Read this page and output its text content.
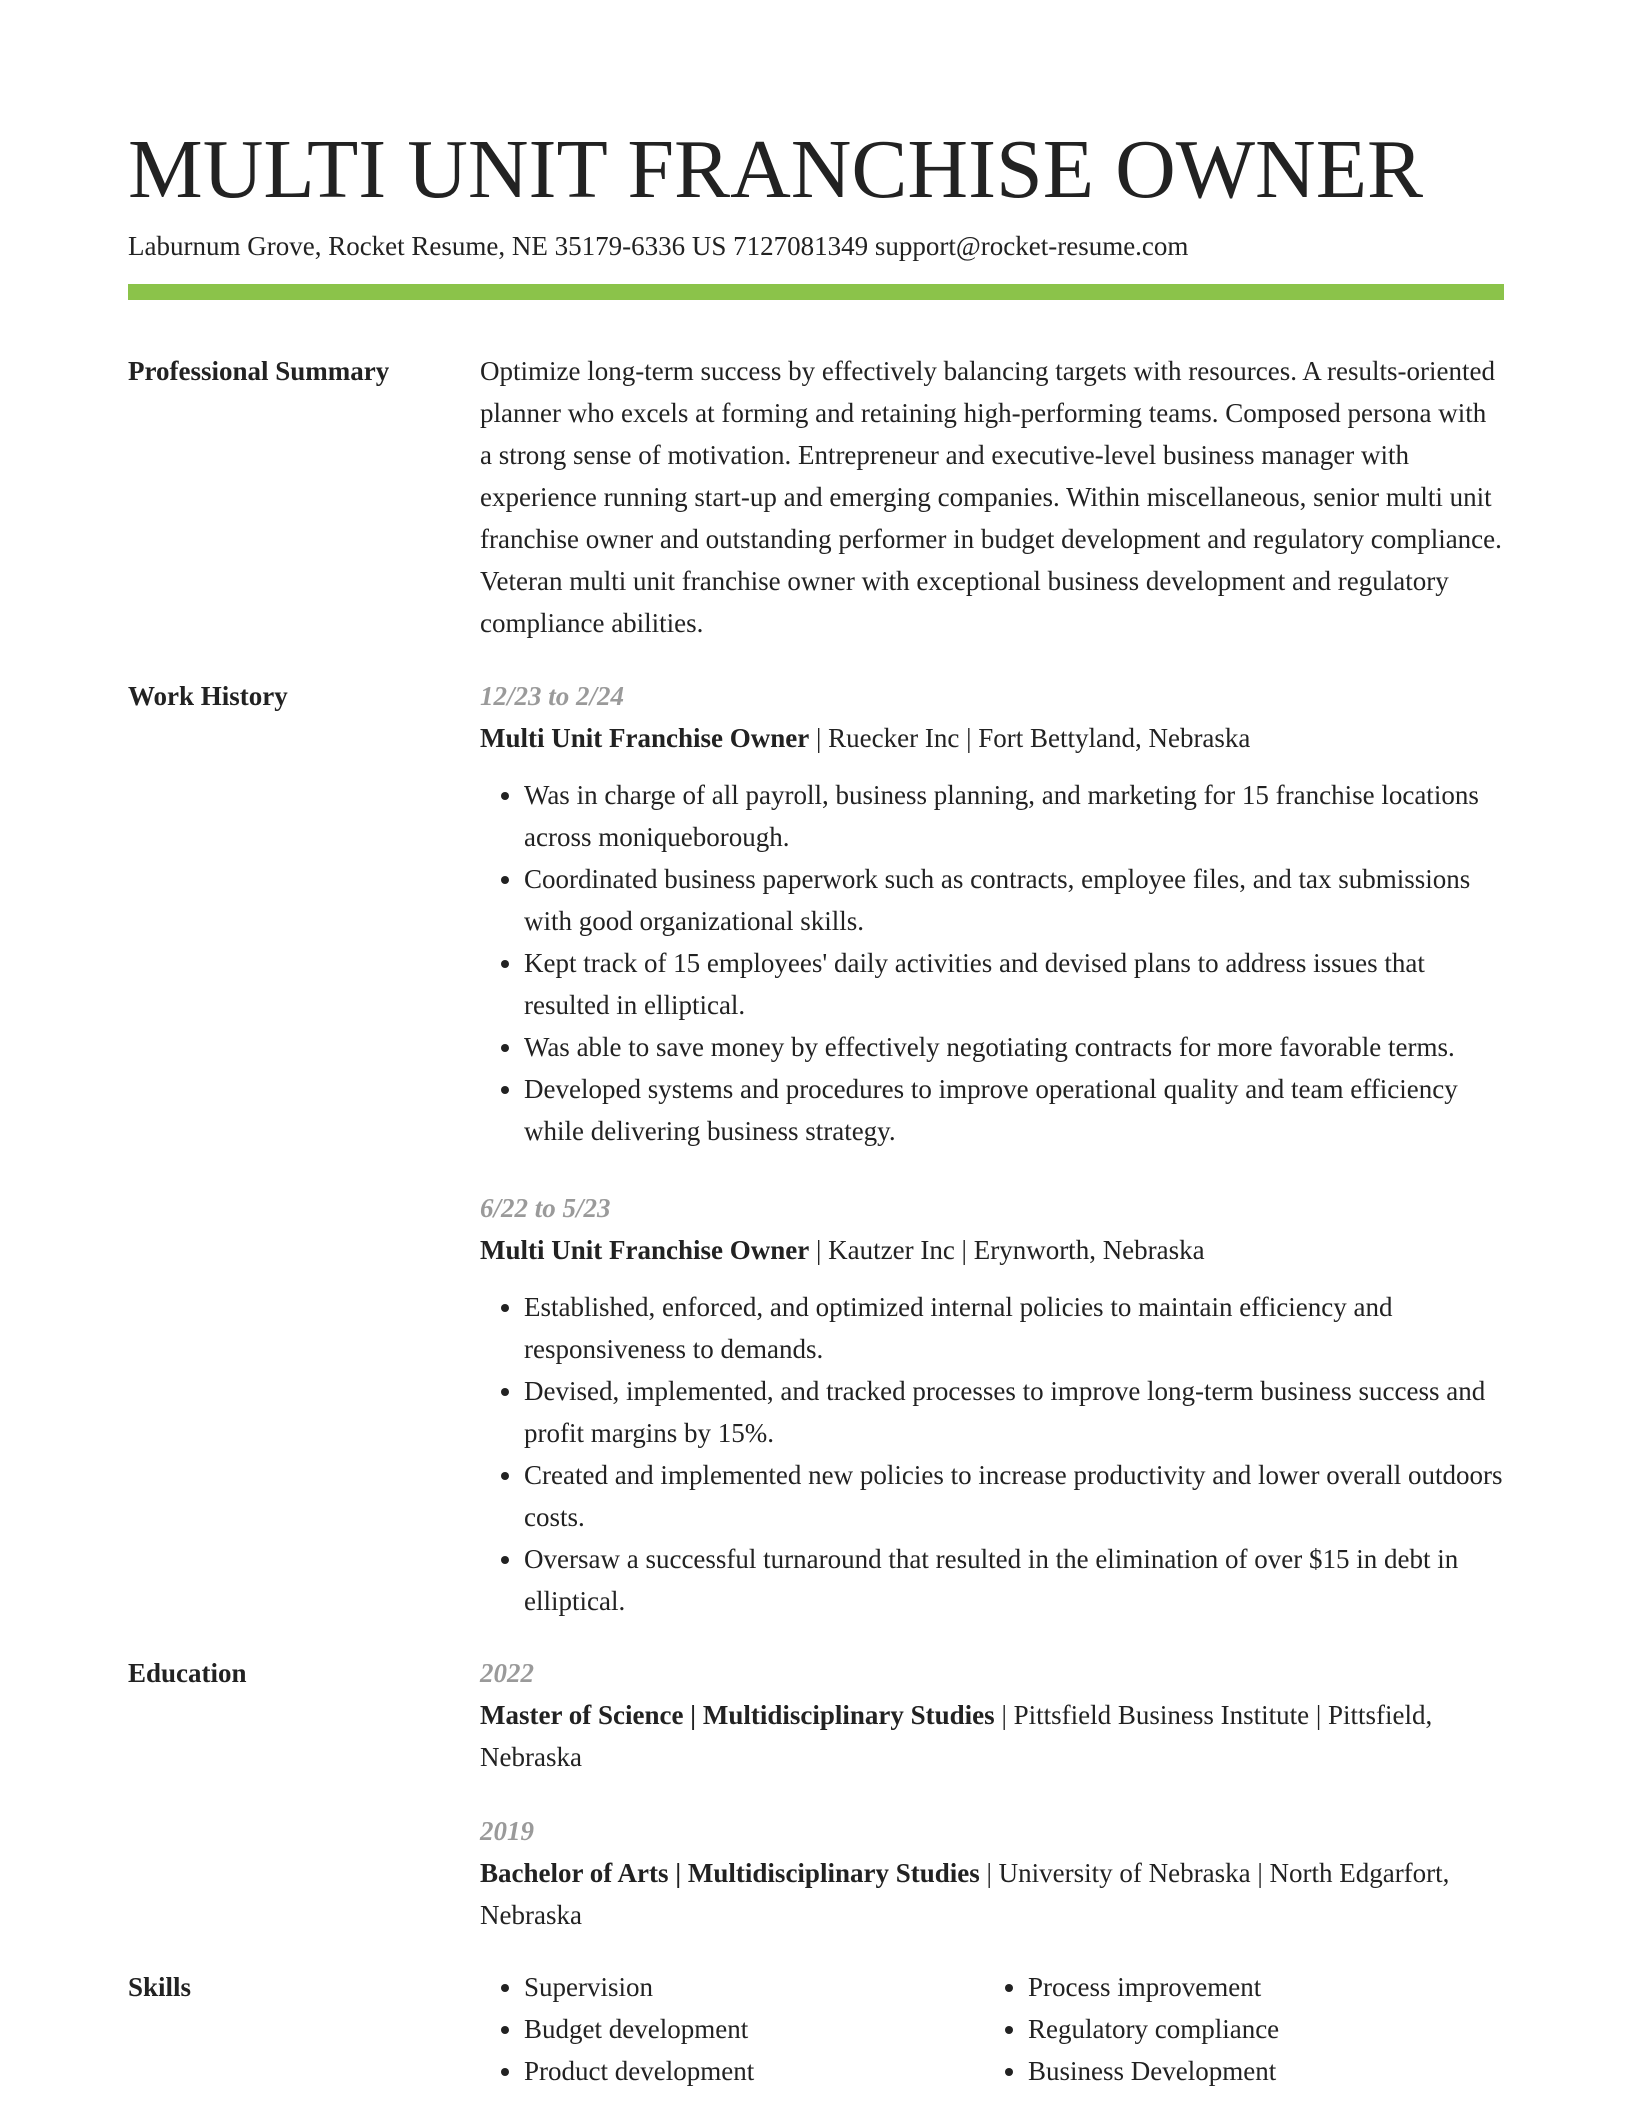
MULTI UNIT FRANCHISE OWNER
Laburnum Grove, Rocket Resume, NE 35179-6336 US 7127081349 support@rocket-resume.com
Professional Summary	Optimize long-term success by effectively balancing targets with resources. A results-oriented planner who excels at forming and retaining high-performing teams. Composed persona with a strong sense of motivation. Entrepreneur and executive-level business manager with experience running start-up and emerging companies. Within miscellaneous, senior multi unit franchise owner and outstanding performer in budget development and regulatory compliance. Veteran multi unit franchise owner with exceptional business development and regulatory compliance abilities.
Work History	12/23 to 2/24
Multi Unit Franchise Owner | Ruecker Inc | Fort Bettyland, Nebraska
• Was in charge of all payroll, business planning, and marketing for 15 franchise locations across moniqueborough.
• Coordinated business paperwork such as contracts, employee files, and tax submissions with good organizational skills.
• Kept track of 15 employees' daily activities and devised plans to address issues that resulted in elliptical.
• Was able to save money by effectively negotiating contracts for more favorable terms.
• Developed systems and procedures to improve operational quality and team efficiency while delivering business strategy.
6/22 to 5/23
Multi Unit Franchise Owner | Kautzer Inc | Erynworth, Nebraska
• Established, enforced, and optimized internal policies to maintain efficiency and responsiveness to demands.
• Devised, implemented, and tracked processes to improve long-term business success and profit margins by 15%.
• Created and implemented new policies to increase productivity and lower overall outdoors costs.
• Oversaw a successful turnaround that resulted in the elimination of over $15 in debt in elliptical.
Education	2022
Master of Science | Multidisciplinary Studies | Pittsfield Business Institute | Pittsfield, Nebraska
2019
Bachelor of Arts | Multidisciplinary Studies | University of Nebraska | North Edgarfort, Nebraska
Skills
•	Supervision
• Budget development
• Product development
• Process improvement
• Regulatory compliance
• Business Development
